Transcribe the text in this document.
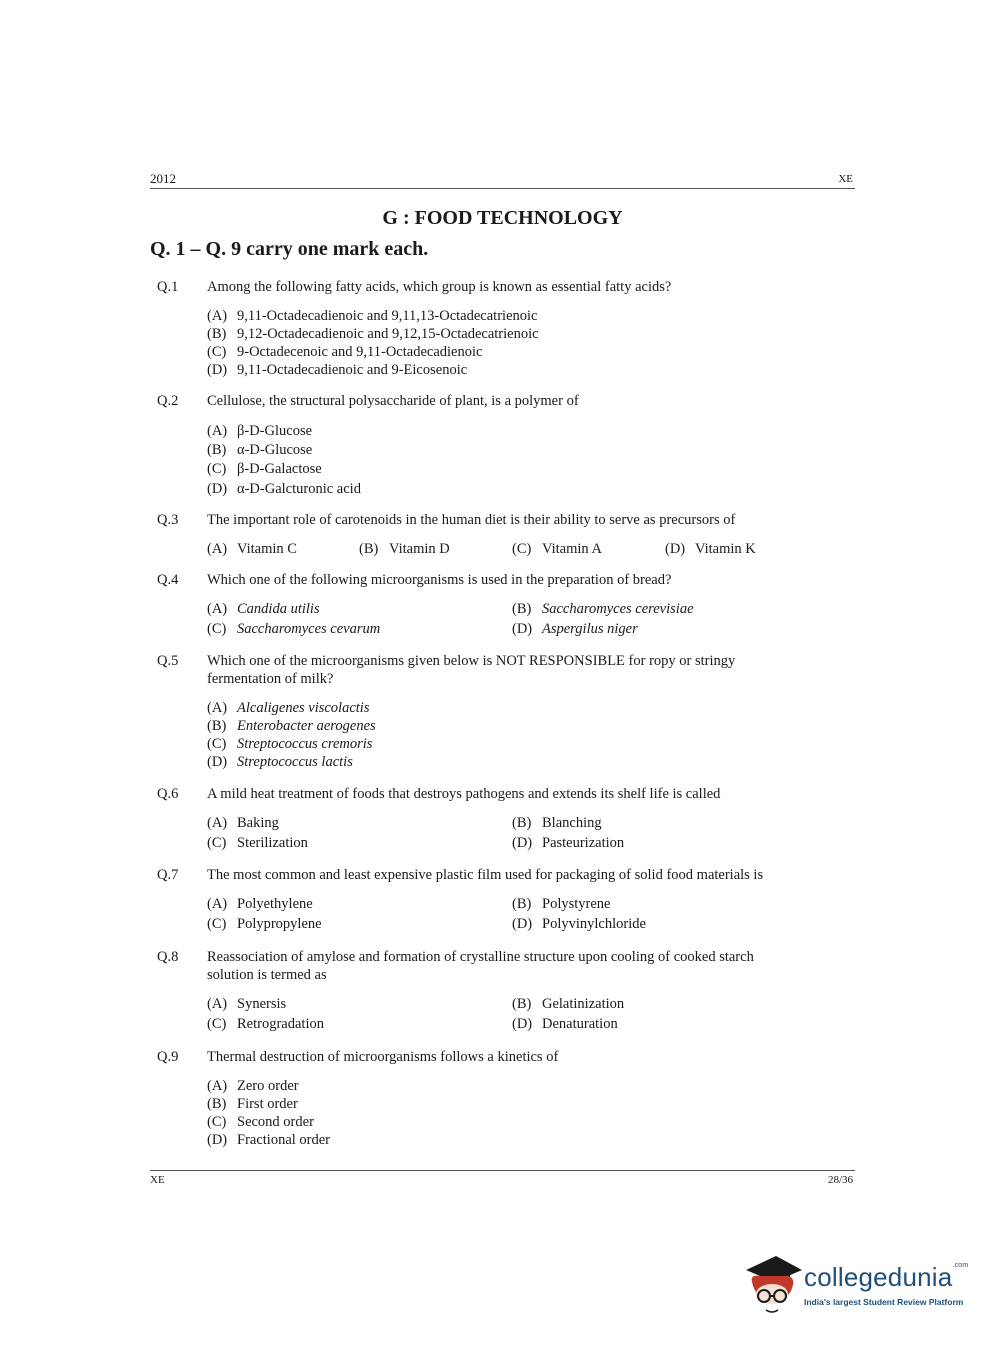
2012	XE
G : FOOD TECHNOLOGY
Q. 1 – Q. 9 carry one mark each.
Q.1 Among the following fatty acids, which group is known as essential fatty acids?
(A) 9,11-Octadecadienoic and 9,11,13-Octadecatrienoic
(B) 9,12-Octadecadienoic and 9,12,15-Octadecatrienoic
(C) 9-Octadecenoic and 9,11-Octadecadienoic
(D) 9,11-Octadecadienoic and 9-Eicosenoic
Q.2 Cellulose, the structural polysaccharide of plant, is a polymer of
(A) β-D-Glucose
(B) α-D-Glucose
(C) β-D-Galactose
(D) α-D-Galcturonic acid
Q.3 The important role of carotenoids in the human diet is their ability to serve as precursors of
(A) Vitamin C	(B) Vitamin D	(C) Vitamin A	(D) Vitamin K
Q.4 Which one of the following microorganisms is used in the preparation of bread?
(A) Candida utilis	(B) Saccharomyces cerevisiae
(C) Saccharomyces cevarum	(D) Aspergilus niger
Q.5 Which one of the microorganisms given below is NOT RESPONSIBLE for ropy or stringy
fermentation of milk?
(A) Alcaligenes viscolactis
(B) Enterobacter aerogenes
(C) Streptococcus cremoris
(D) Streptococcus lactis
Q.6 A mild heat treatment of foods that destroys pathogens and extends its shelf life is called
(A) Baking	(B) Blanching
(C) Sterilization	(D) Pasteurization
Q.7 The most common and least expensive plastic film used for packaging of solid food materials is
(A) Polyethylene	(B) Polystyrene
(C) Polypropylene	(D) Polyvinylchloride
Q.8 Reassociation of amylose and formation of crystalline structure upon cooling of cooked starch
solution is termed as
(A) Synersis	(B) Gelatinization
(C) Retrogradation	(D) Denaturation
Q.9 Thermal destruction of microorganisms follows a kinetics of
(A) Zero order
(B) First order
(C) Second order
(D) Fractional order
XE	28/36
collegedunia$^{.com}$
India's largest Student Review Platform
